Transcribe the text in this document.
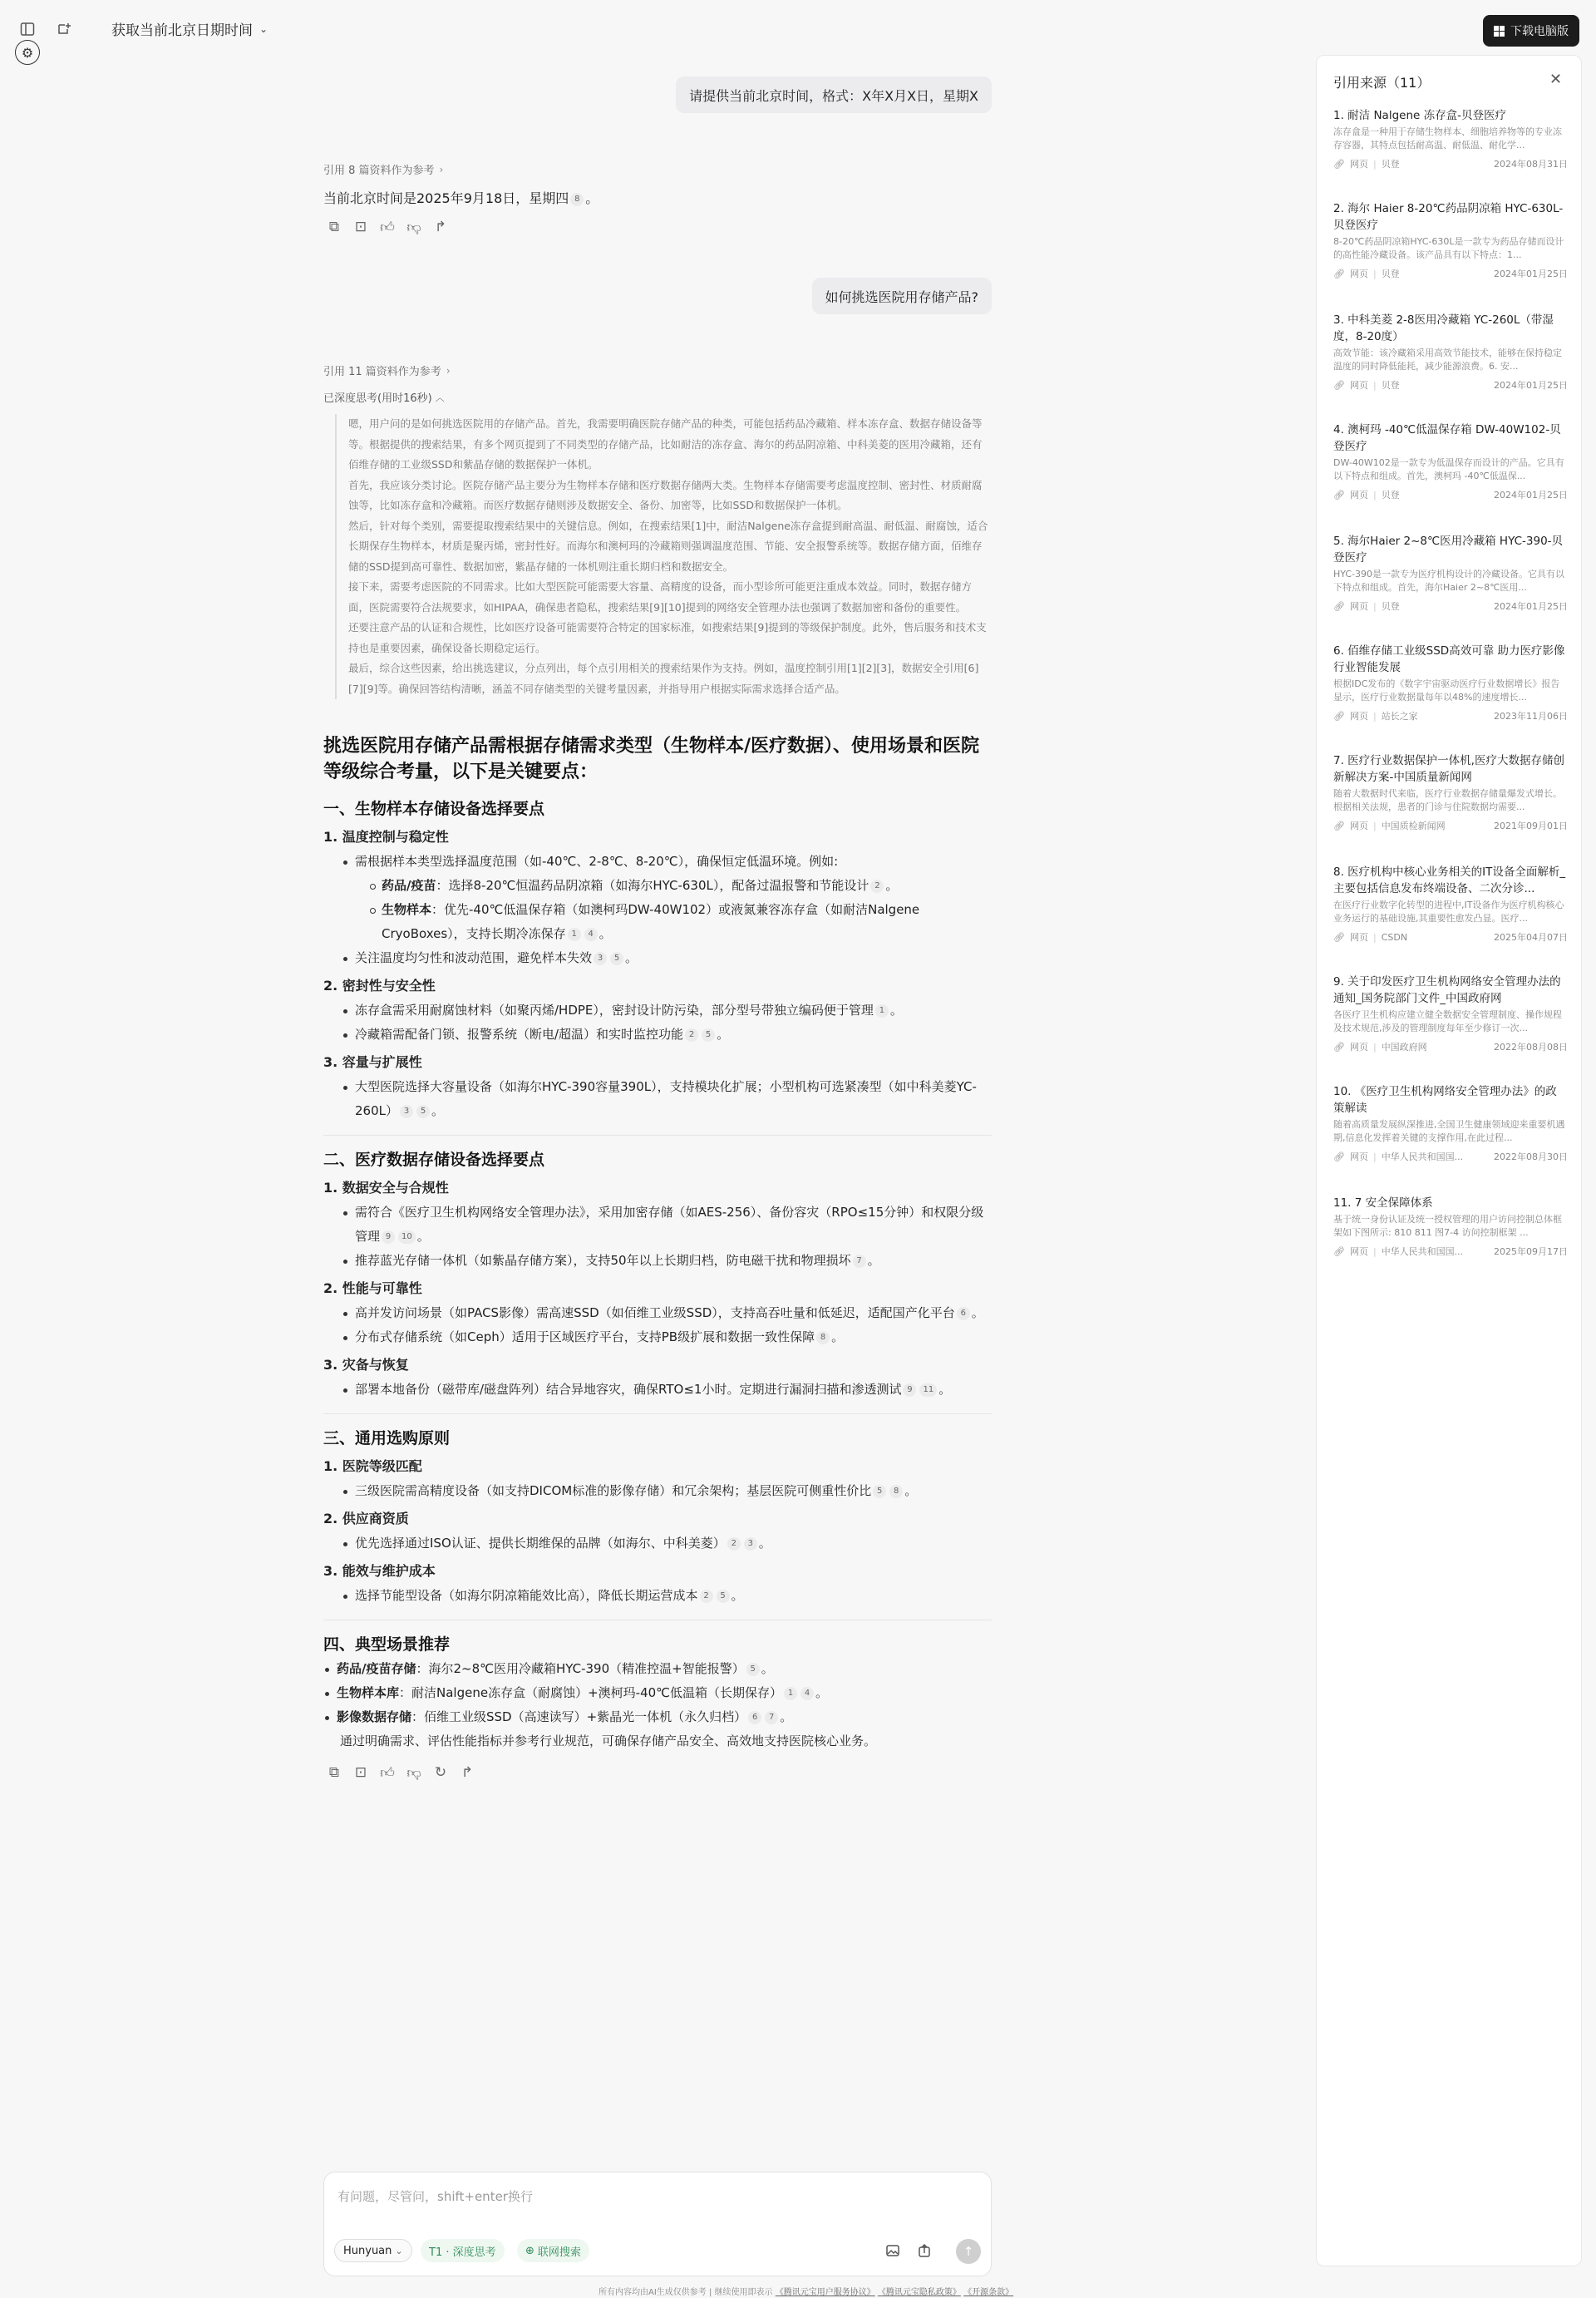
获取当前北京日期时间 ⌄	下载电脑版
⚙
请提供当前北京时间，格式：X年X月X日，星期X
引用 8 篇资料作为参考 ›
当前北京时间是2025年9月18日，星期四 8 。
⧉ ⊡ 👍︎ 👎︎ ↱
如何挑选医院用存储产品?
引用 11 篇资料作为参考 ›
已深度思考(用时16秒) ︿

嗯，用户问的是如何挑选医院用的存储产品。首先，我需要明确医院存储产品的种类，可能包括药品冷藏箱、样本冻存盒、数据存储设备等等。根据提供的搜索结果，有多个网页提到了不同类型的存储产品，比如耐洁的冻存盒、海尔的药品阴凉箱、中科美菱的医用冷藏箱，还有佰维存储的工业级SSD和紫晶存储的数据保护一体机。

首先，我应该分类讨论。医院存储产品主要分为生物样本存储和医疗数据存储两大类。生物样本存储需要考虑温度控制、密封性、材质耐腐蚀等，比如冻存盒和冷藏箱。而医疗数据存储则涉及数据安全、备份、加密等，比如SSD和数据保护一体机。

然后，针对每个类别，需要提取搜索结果中的关键信息。例如，在搜索结果[1]中，耐洁Nalgene冻存盒提到耐高温、耐低温、耐腐蚀，适合长期保存生物样本，材质是聚丙烯，密封性好。而海尔和澳柯玛的冷藏箱则强调温度范围、节能、安全报警系统等。数据存储方面，佰维存储的SSD提到高可靠性、数据加密，紫晶存储的一体机则注重长期归档和数据安全。

接下来，需要考虑医院的不同需求。比如大型医院可能需要大容量、高精度的设备，而小型诊所可能更注重成本效益。同时，数据存储方面，医院需要符合法规要求，如HIPAA，确保患者隐私，搜索结果[9][10]提到的网络安全管理办法也强调了数据加密和备份的重要性。

还要注意产品的认证和合规性，比如医疗设备可能需要符合特定的国家标准，如搜索结果[9]提到的等级保护制度。此外，售后服务和技术支持也是重要因素，确保设备长期稳定运行。

最后，综合这些因素，给出挑选建议，分点列出，每个点引用相关的搜索结果作为支持。例如，温度控制引用[1][2][3]，数据安全引用[6][7][9]等。确保回答结构清晰，涵盖不同存储类型的关键考量因素，并指导用户根据实际需求选择合适产品。

挑选医院用存储产品需根据存储需求类型（生物样本/医疗数据）、使用场景和医院等级综合考量，以下是关键要点：
一、生物样本存储设备选择要点
1. 温度控制与稳定性
需根据样本类型选择温度范围（如-40℃、2-8℃、8-20℃），确保恒定低温环境。例如:
药品/疫苗：选择8-20℃恒温药品阴凉箱（如海尔HYC-630L），配备过温报警和节能设计 2 。
生物样本：优先-40℃低温保存箱（如澳柯玛DW-40W102）或液氮兼容冻存盒（如耐洁Nalgene CryoBoxes），支持长期冷冻保存 1 4 。
关注温度均匀性和波动范围，避免样本失效 3 5 。
2. 密封性与安全性
冻存盒需采用耐腐蚀材料（如聚丙烯/HDPE），密封设计防污染，部分型号带独立编码便于管理 1 。
冷藏箱需配备门锁、报警系统（断电/超温）和实时监控功能 2 5 。
3. 容量与扩展性
大型医院选择大容量设备（如海尔HYC-390容量390L），支持模块化扩展；小型机构可选紧凑型（如中科美菱YC-260L） 3 5 。
二、医疗数据存储设备选择要点
1. 数据安全与合规性
需符合《医疗卫生机构网络安全管理办法》，采用加密存储（如AES-256）、备份容灾（RPO≤15分钟）和权限分级管理 9 10 。
推荐蓝光存储一体机（如紫晶存储方案），支持50年以上长期归档，防电磁干扰和物理损坏 7 。
2. 性能与可靠性
高并发访问场景（如PACS影像）需高速SSD（如佰维工业级SSD），支持高吞吐量和低延迟，适配国产化平台 6 。
分布式存储系统（如Ceph）适用于区域医疗平台，支持PB级扩展和数据一致性保障 8 。
3. 灾备与恢复
部署本地备份（磁带库/磁盘阵列）结合异地容灾，确保RTO≤1小时。定期进行漏洞扫描和渗透测试 9 11 。
三、通用选购原则
1. 医院等级匹配
三级医院需高精度设备（如支持DICOM标准的影像存储）和冗余架构；基层医院可侧重性价比 5 8 。
2. 供应商资质
优先选择通过ISO认证、提供长期维保的品牌（如海尔、中科美菱） 2 3 。
3. 能效与维护成本
选择节能型设备（如海尔阴凉箱能效比高），降低长期运营成本 2 5 。
四、典型场景推荐
药品/疫苗存储：海尔2~8℃医用冷藏箱HYC-390（精准控温+智能报警） 5 。
生物样本库：耐洁Nalgene冻存盒（耐腐蚀）+澳柯玛-40℃低温箱（长期保存） 1 4 。
影像数据存储：佰维工业级SSD（高速读写）+紫晶光一体机（永久归档） 6 7 。
通过明确需求、评估性能指标并参考行业规范，可确保存储产品安全、高效地支持医院核心业务。
⧉ ⊡ 👍︎ 👎︎ ↻ ↱
有问题，尽管问，shift+enter换行
Hunyuan ⌄ T1 · 深度思考	⊕ 联网搜索	↑
所有内容均由AI生成仅供参考 | 继续使用即表示 《腾讯元宝用户服务协议》 《腾讯元宝隐私政策》 《开源条款》
引用来源（11）	✕
1. 耐洁 Nalgene 冻存盒-贝登医疗
冻存盒是一种用于存储生物样本、细胞培养物等的专业冻存容器，其特点包括耐高温、耐低温、耐化学...
🔗︎ 网页 | 贝登	2024年08月31日
2. 海尔 Haier 8-20℃药品阴凉箱 HYC-630L-贝登医疗
8-20℃药品阴凉箱HYC-630L是一款专为药品存储而设计的高性能冷藏设备。该产品具有以下特点：1...
🔗︎ 网页 | 贝登	2024年01月25日
3. 中科美菱 2-8医用冷藏箱 YC-260L（带湿度，8-20度）
高效节能：该冷藏箱采用高效节能技术，能够在保持稳定温度的同时降低能耗，减少能源浪费。6. 安...
🔗︎ 网页 | 贝登	2024年01月25日
4. 澳柯玛 -40℃低温保存箱 DW-40W102-贝登医疗
DW-40W102是一款专为低温保存而设计的产品。它具有以下特点和组成。首先，澳柯玛 -40℃低温保...
🔗︎ 网页 | 贝登	2024年01月25日
5. 海尔Haier 2~8℃医用冷藏箱 HYC-390-贝登医疗
HYC-390是一款专为医疗机构设计的冷藏设备。它具有以下特点和组成。首先，海尔Haier 2~8℃医用...
🔗︎ 网页 | 贝登	2024年01月25日
6. 佰维存储工业级SSD高效可靠 助力医疗影像行业智能发展
根据IDC发布的《数字宇宙驱动医疗行业数据增长》报告显示，医疗行业数据量每年以48%的速度增长...
🔗︎ 网页 | 站长之家	2023年11月06日
7. 医疗行业数据保护一体机,医疗大数据存储创新解决方案-中国质量新闻网
随着大数据时代来临，医疗行业数据存储量爆发式增长。根据相关法规，患者的门诊与住院数据均需要...
🔗︎ 网页 | 中国质检新闻网	2021年09月01日
8. 医疗机构中核心业务相关的IT设备全面解析_主要包括信息发布终端设备、二次分诊...
在医疗行业数字化转型的进程中,IT设备作为医疗机构核心业务运行的基础设施,其重要性愈发凸显。医疗...
🔗︎ 网页 | CSDN	2025年04月07日
9. 关于印发医疗卫生机构网络安全管理办法的通知_国务院部门文件_中国政府网
各医疗卫生机构应建立健全数据安全管理制度、操作规程及技术规范,涉及的管理制度每年至少修订一次...
🔗︎ 网页 | 中国政府网	2022年08月08日
10. 《医疗卫生机构网络安全管理办法》的政策解读
随着高质量发展纵深推进,全国卫生健康领域迎来重要机遇期,信息化发挥着关键的支撑作用,在此过程...
🔗︎ 网页 | 中华人民共和国国...	2022年08月30日
11. 7 安全保障体系
基于统一身份认证及统一授权管理的用户访问控制总体框架如下图所示: 810 811 图7-4 访问控制框架 ...
🔗︎ 网页 | 中华人民共和国国...	2025年09月17日
